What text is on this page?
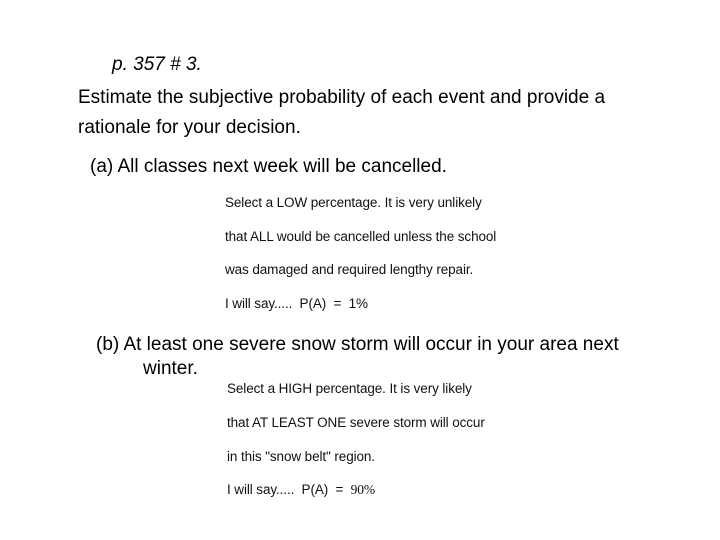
p. 357 # 3.
Estimate the subjective probability of each event and provide a
rationale for your decision.
(a) All classes next week will be cancelled.
Select a LOW percentage. It is very unlikely
that ALL would be cancelled unless the school
was damaged and required lengthy repair.
I will say.....  P(A)  =  1%
(b) At least one severe snow storm will occur in your area next
winter.
Select a HIGH percentage. It is very likely
that AT LEAST ONE severe storm will occur
in this "snow belt" region.
I will say.....  P(A)  =  90%
